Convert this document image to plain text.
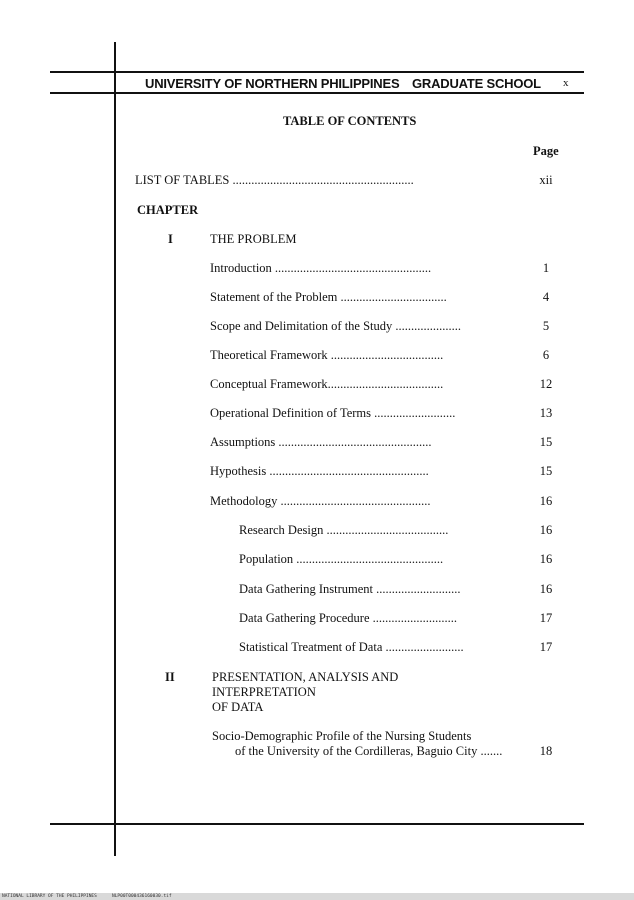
UNIVERSITY OF NORTHERN PHILIPPINES GRADUATE SCHOOL x
TABLE OF CONTENTS
Page
LIST OF TABLES ..........................................................	xii
CHAPTER
I	THE PROBLEM
Introduction ..................................................	1
Statement of the Problem ..................................	4
Scope and Delimitation of the Study .....................	5
Theoretical Framework ....................................	6
Conceptual Framework.....................................	12
Operational Definition of Terms ..........................	13
Assumptions .................................................	15
Hypothesis ...................................................	15
Methodology ................................................	16
Research Design .......................................	16
Population ...............................................	16
Data Gathering Instrument ...........................	16
Data Gathering Procedure ...........................	17
Statistical Treatment of Data .........................	17
II	PRESENTATION, ANALYSIS AND
INTERPRETATION
OF DATA
Socio-Demographic Profile of the Nursing Students
of the University of the Cordilleras, Baguio City .......	18
NATIONAL LIBRARY OF THE PHILIPPINES	NLP00T000436160030.tif
